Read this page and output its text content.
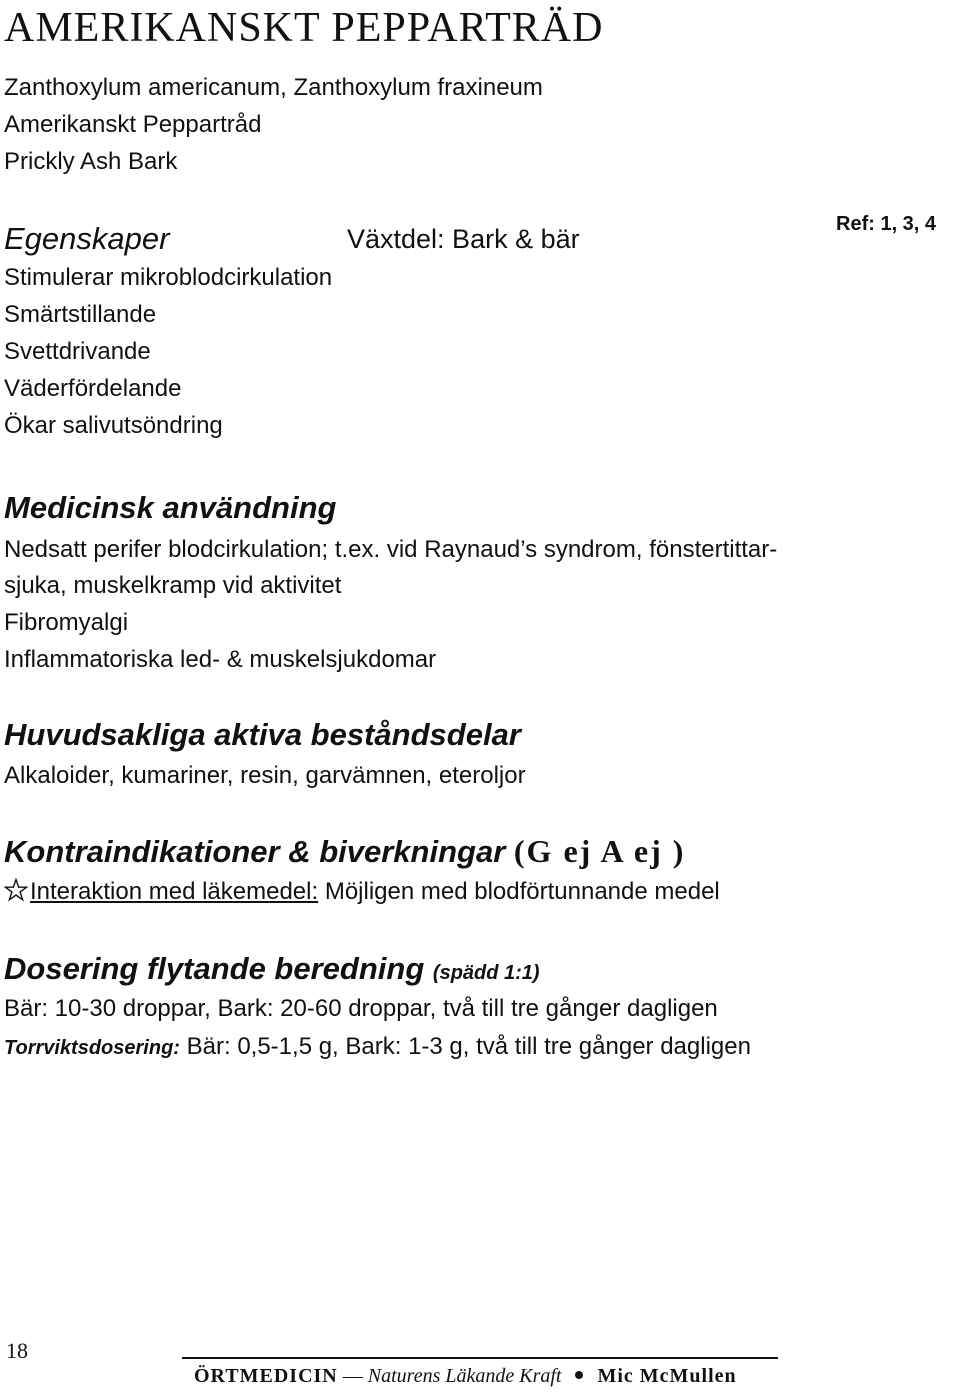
AMERIKANSKT PEPPARTRÄD
Zanthoxylum americanum, Zanthoxylum fraxineum
Amerikanskt Peppartråd
Prickly Ash Bark
Egenskaper	Växtdel: Bark & bär	Ref: 1, 3, 4
Stimulerar mikroblodcirkulation
Smärtstillande
Svettdrivande
Väderfördelande
Ökar salivutsöndring
Medicinsk användning
Nedsatt perifer blodcirkulation; t.ex. vid Raynaud’s syndrom, fönstertittar-
sjuka, muskelkramp vid aktivitet
Fibromyalgi
Inflammatoriska led- & muskelsjukdomar
Huvudsakliga aktiva beståndsdelar
Alkaloider, kumariner, resin, garvämnen, eteroljor
Kontraindikationer & biverkningar (G ej A ej )
Interaktion med läkemedel: Möjligen med blodförtunnande medel
Dosering flytande beredning (spädd 1:1)
Bär: 10-30 droppar, Bark: 20-60 droppar, två till tre gånger dagligen
Torrviktsdosering: Bär: 0,5-1,5 g, Bark: 1-3 g, två till tre gånger dagligen
18
ÖRTMEDICIN — Naturens Läkande Kraft Mic McMullen
